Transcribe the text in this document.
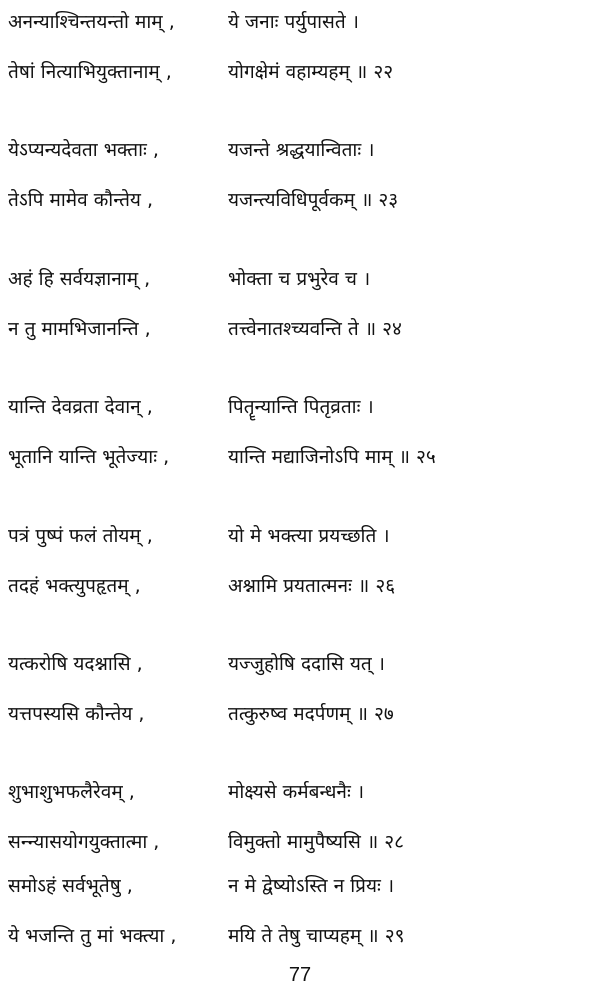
अनन्याश्चिन्तयन्तो माम् ,	ये जनाः पर्युपासते ।
तेषां नित्याभियुक्तानाम् ,	योगक्षेमं वहाम्यहम् ॥ २२
येऽप्यन्यदेवता भक्ताः ,	यजन्ते श्रद्धयान्विताः ।
तेऽपि मामेव कौन्तेय ,	यजन्त्यविधिपूर्वकम् ॥ २३
अहं हि सर्वयज्ञानाम् ,	भोक्ता च प्रभुरेव च ।
न तु मामभिजानन्ति ,	तत्त्वेनातश्च्यवन्ति ते ॥ २४
यान्ति देवव्रता देवान् ,	पितॄन्यान्ति पितृव्रताः ।
भूतानि यान्ति भूतेज्याः ,	यान्ति मद्याजिनोऽपि माम् ॥ २५
पत्रं पुष्पं फलं तोयम् ,	यो मे भक्त्या प्रयच्छति ।
तदहं भक्त्युपहृतम् ,	अश्नामि प्रयतात्मनः ॥ २६
यत्करोषि यदश्नासि ,	यज्जुहोषि ददासि यत् ।
यत्तपस्यसि कौन्तेय ,	तत्कुरुष्व मदर्पणम् ॥ २७
शुभाशुभफलैरेवम् ,	मोक्ष्यसे कर्मबन्धनैः ।
सन्न्यासयोगयुक्तात्मा ,	विमुक्तो मामुपैष्यसि ॥ २८
समोऽहं सर्वभूतेषु ,	न मे द्वेष्योऽस्ति न प्रियः ।
ये भजन्ति तु मां भक्त्या ,	मयि ते तेषु चाप्यहम् ॥ २९
77
